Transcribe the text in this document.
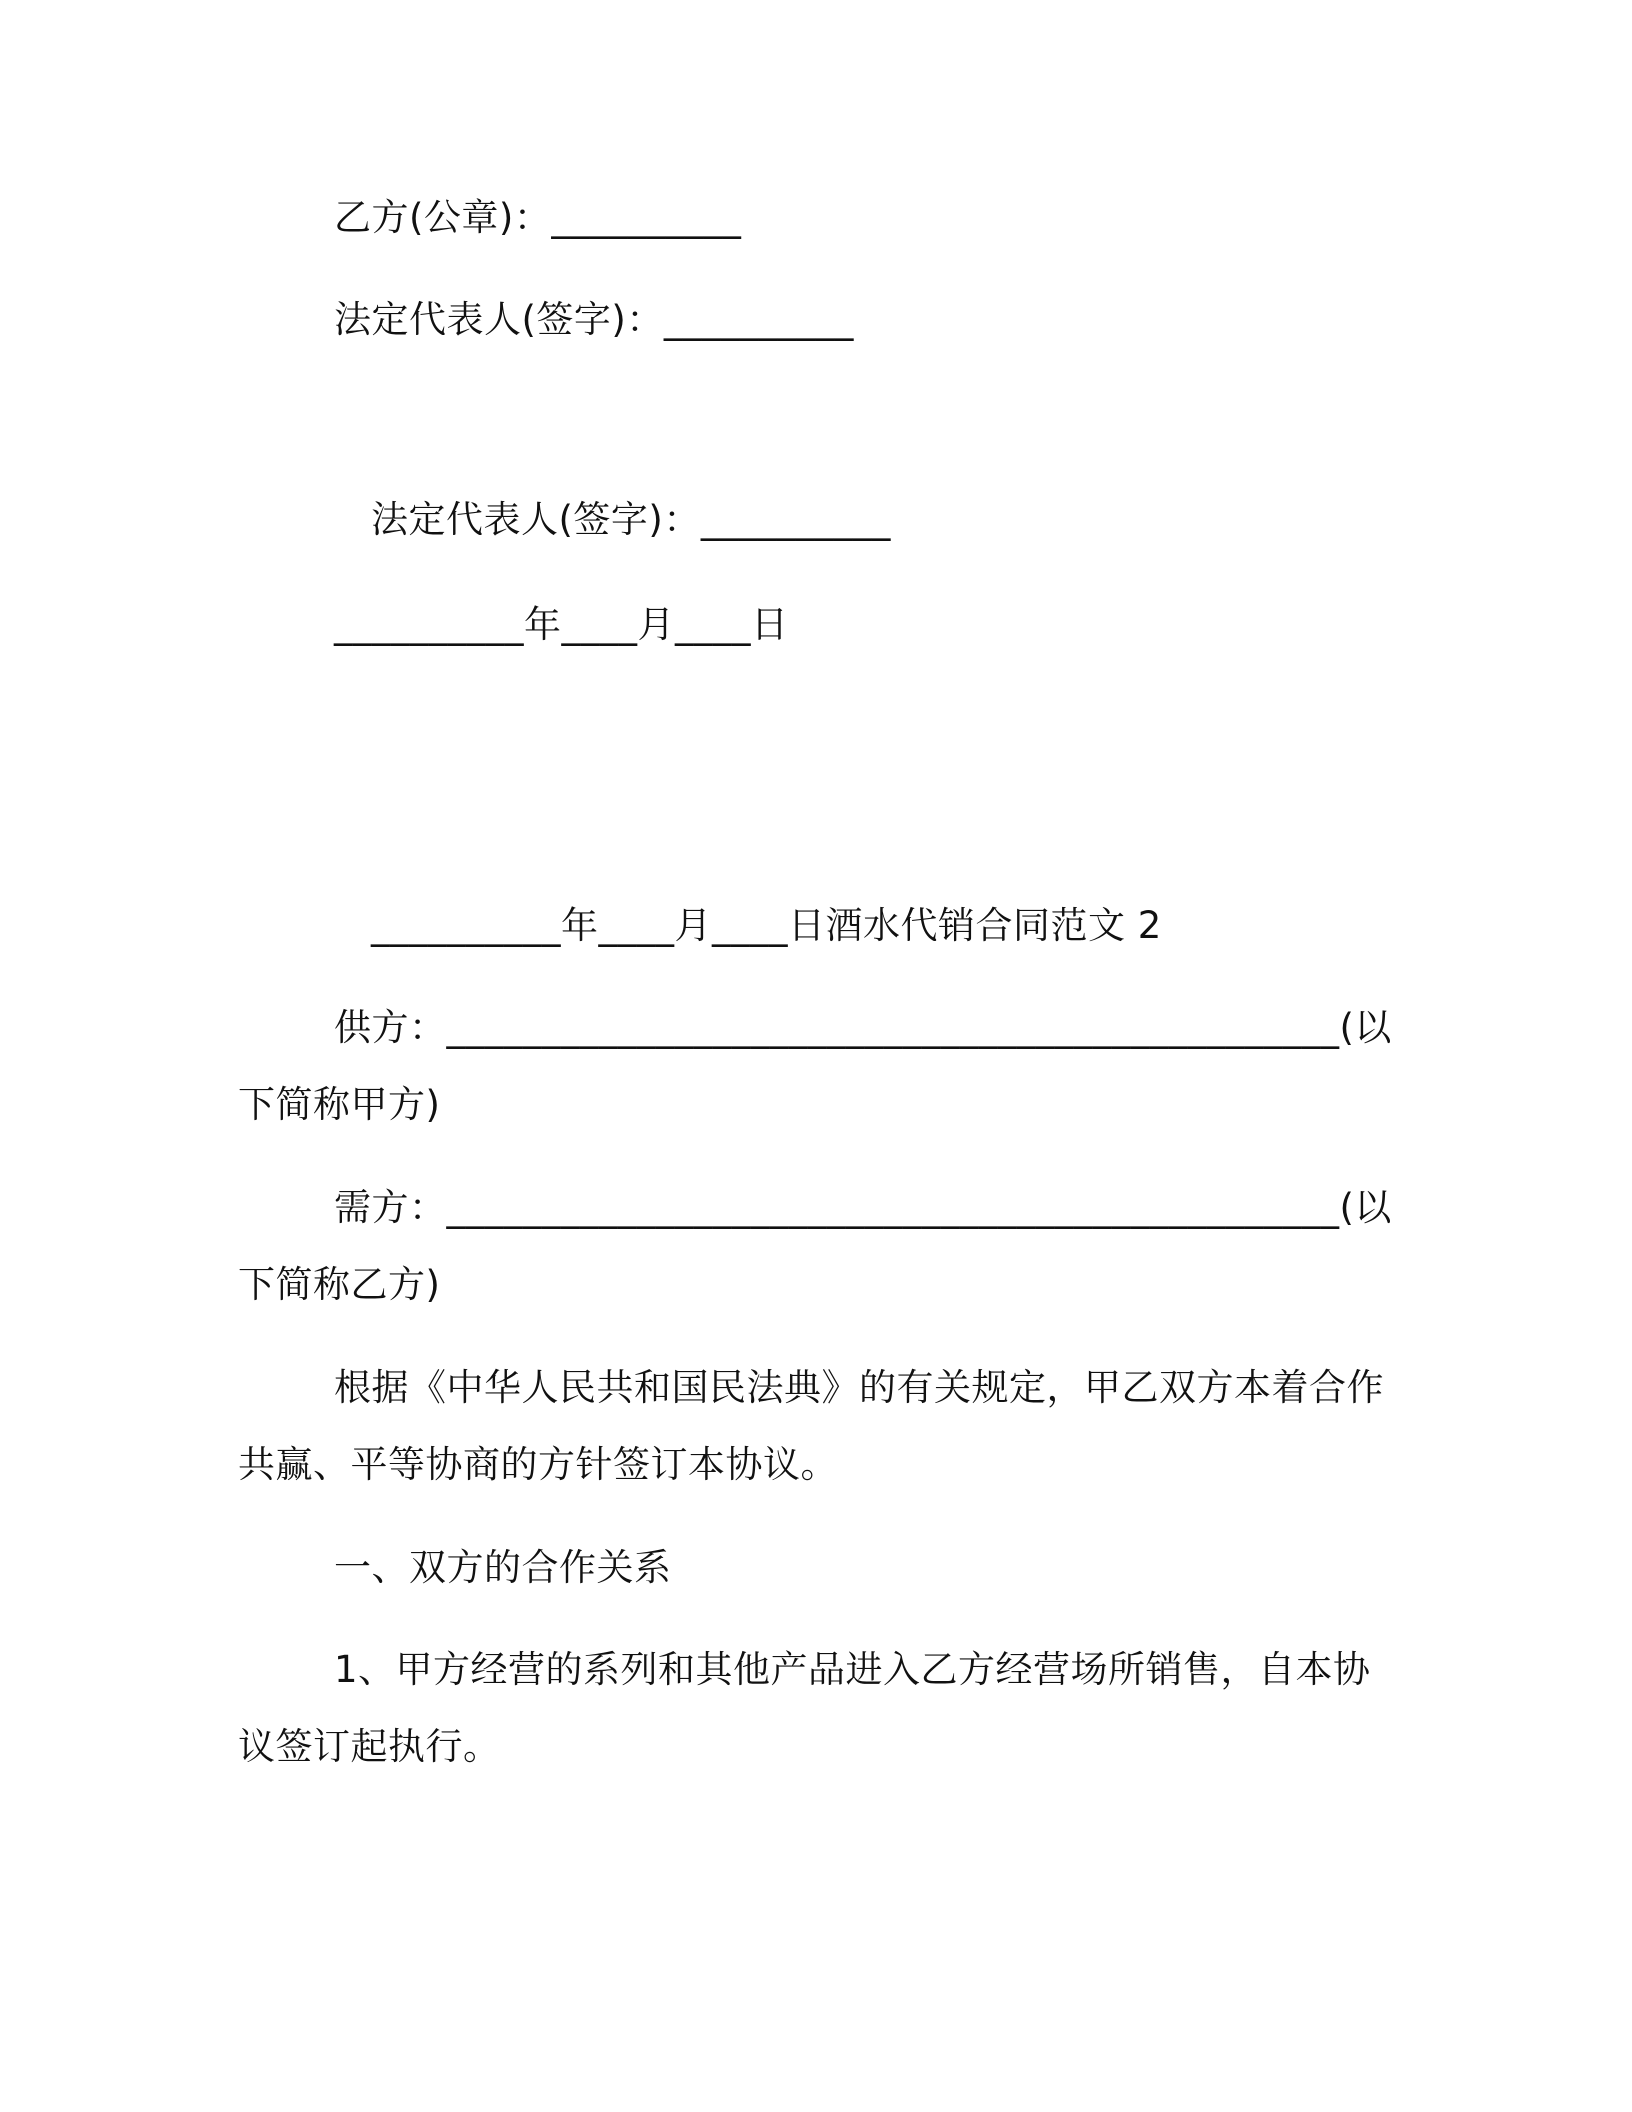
乙方(公章)：__________

法定代表人(签字)：__________

法定代表人(签字)：__________

__________年____月____日

__________年____月____日酒水代销合同范文 2

供方：_______________________________________________(以

下简称甲方)

需方：_______________________________________________(以

下简称乙方)

根据《中华人民共和国民法典》的有关规定，甲乙双方本着合作

共赢、平等协商的方针签订本协议。

一、双方的合作关系

1、甲方经营的系列和其他产品进入乙方经营场所销售，自本协

议签订起执行。
